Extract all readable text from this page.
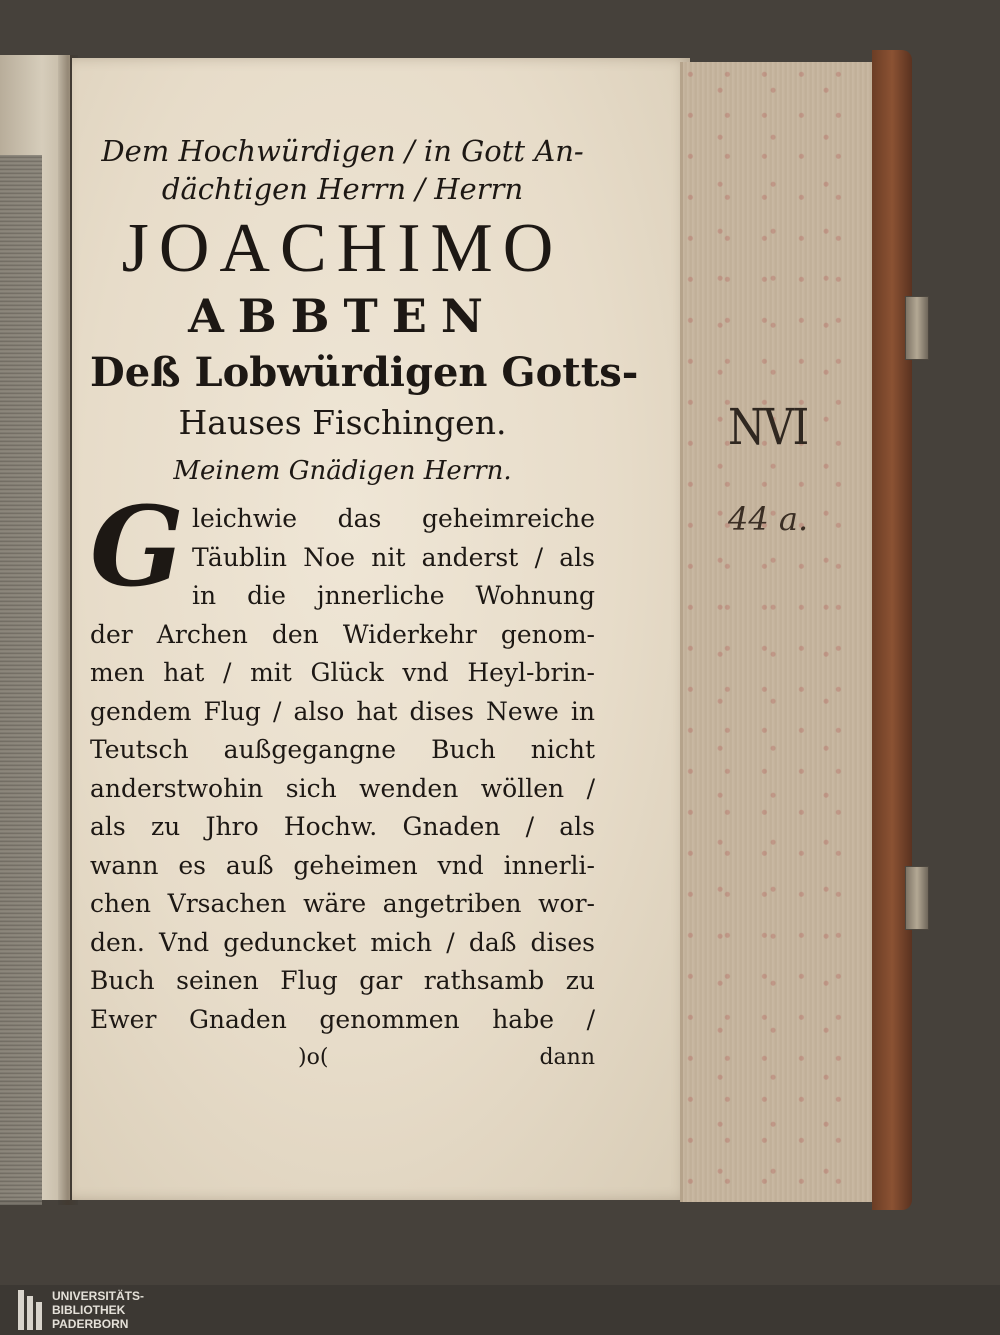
NVI
44 a.

Dem Hochwürdigen / in Gott An-

dächtigen Herrn / Herrn

JOACHIMO

ABBTEN

Deß Lobwürdigen Gotts-

Hauses Fischingen.

Meinem Gnädigen Herrn.

G leichwie das geheimreiche
Täublin Noe nit anderst / als
in die jnnerliche Wohnung
der Archen den Widerkehr genom-
men hat / mit Glück vnd Heyl-brin-
gendem Flug / also hat dises Newe in
Teutsch außgegangne Buch nicht
anderstwohin sich wenden wöllen /
als zu Jhro Hochw. Gnaden / als
wann es auß geheimen vnd innerli-
chen Vrsachen wäre angetriben wor-
den. Vnd geduncket mich / daß dises
Buch seinen Flug gar rathsamb zu
Ewer Gnaden genommen habe /
)o(	dann
UNIVERSITÄTS-
BIBLIOTHEK
PADERBORN
